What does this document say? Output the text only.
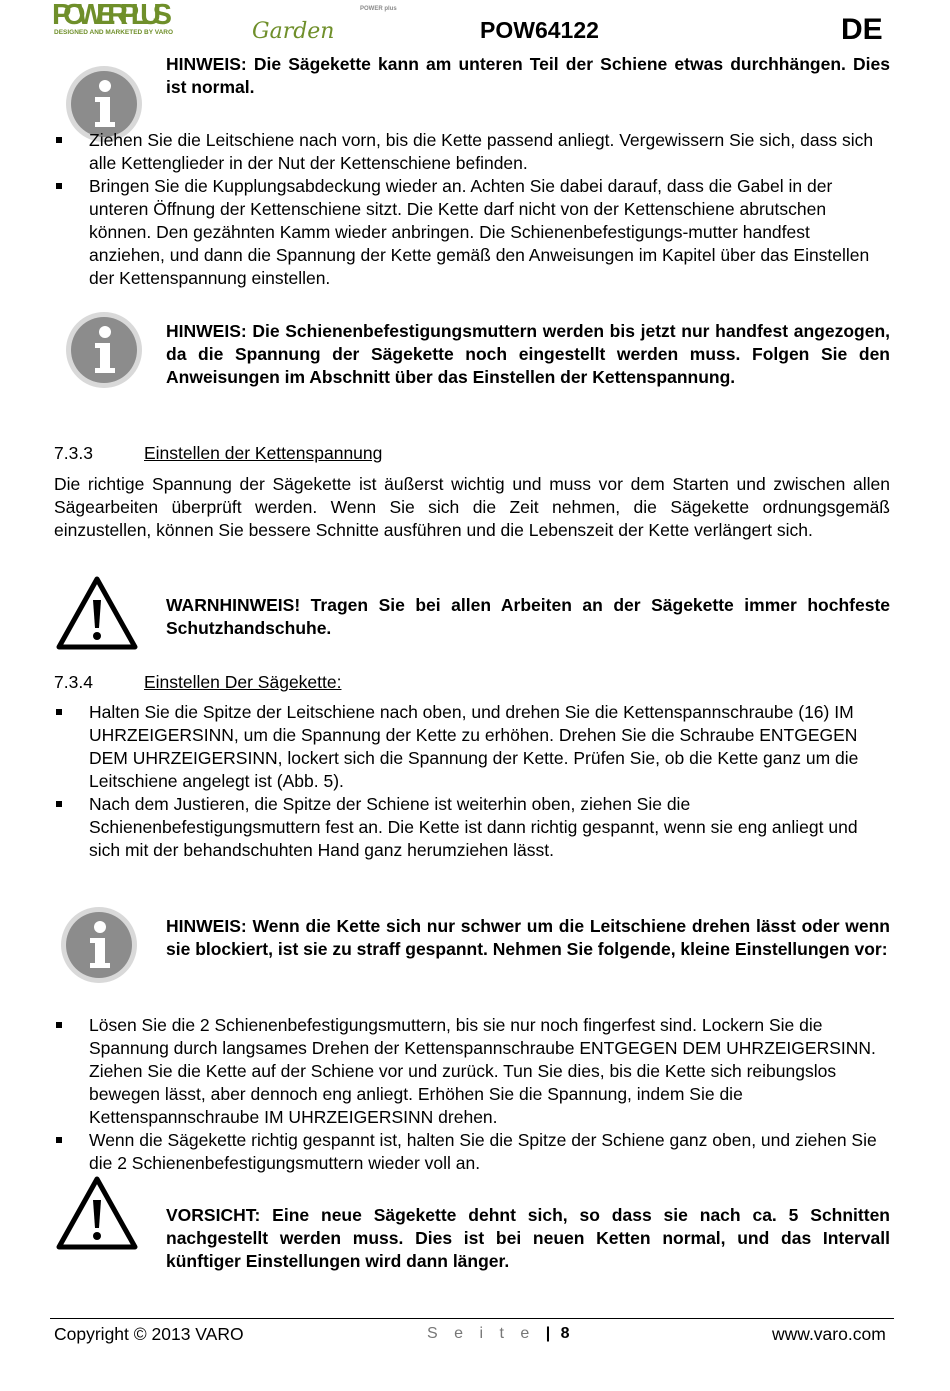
POWERPLUS
Garden
POWER plus
DESIGNED AND MARKETED BY VARO	POW64122	DE
HINWEIS: Die Sägekette kann am unteren Teil der Schiene etwas durchhängen. Dies ist normal.
Ziehen Sie die Leitschiene nach vorn, bis die Kette passend anliegt. Vergewissern Sie sich, dass sich alle Kettenglieder in der Nut der Kettenschiene befinden.
Bringen Sie die Kupplungsabdeckung wieder an. Achten Sie dabei darauf, dass die Gabel in der unteren Öffnung der Kettenschiene sitzt. Die Kette darf nicht von der Kettenschiene abrutschen können. Den gezähnten Kamm wieder anbringen. Die Schienenbefestigungs-mutter handfest anziehen, und dann die Spannung der Kette gemäß den Anweisungen im Kapitel über das Einstellen der Kettenspannung einstellen.
HINWEIS: Die Schienenbefestigungsmuttern werden bis jetzt nur handfest angezogen, da die Spannung der Sägekette noch eingestellt werden muss. Folgen Sie den Anweisungen im Abschnitt über das Einstellen der Kettenspannung.
7.3.3	Einstellen der Kettenspannung
Die richtige Spannung der Sägekette ist äußerst wichtig und muss vor dem Starten und zwischen allen Sägearbeiten überprüft werden. Wenn Sie sich die Zeit nehmen, die Sägekette ordnungsgemäß einzustellen, können Sie bessere Schnitte ausführen und die Lebenszeit der Kette verlängert sich.
WARNHINWEIS! Tragen Sie bei allen Arbeiten an der Sägekette immer hochfeste Schutzhandschuhe.
7.3.4	Einstellen Der Sägekette:
Halten Sie die Spitze der Leitschiene nach oben, und drehen Sie die Kettenspannschraube (16) IM UHRZEIGERSINN, um die Spannung der Kette zu erhöhen. Drehen Sie die Schraube ENTGEGEN DEM UHRZEIGERSINN, lockert sich die Spannung der Kette. Prüfen Sie, ob die Kette ganz um die Leitschiene angelegt ist (Abb. 5).
Nach dem Justieren, die Spitze der Schiene ist weiterhin oben, ziehen Sie die Schienenbefestigungsmuttern fest an. Die Kette ist dann richtig gespannt, wenn sie eng anliegt und sich mit der behandschuhten Hand ganz herumziehen lässt.
HINWEIS: Wenn die Kette sich nur schwer um die Leitschiene drehen lässt oder wenn sie blockiert, ist sie zu straff gespannt. Nehmen Sie folgende, kleine Einstellungen vor:
Lösen Sie die 2 Schienenbefestigungsmuttern, bis sie nur noch fingerfest sind. Lockern Sie die Spannung durch langsames Drehen der Kettenspannschraube ENTGEGEN DEM UHRZEIGERSINN. Ziehen Sie die Kette auf der Schiene vor und zurück. Tun Sie dies, bis die Kette sich reibungslos bewegen lässt, aber dennoch eng anliegt. Erhöhen Sie die Spannung, indem Sie die Kettenspannschraube IM UHRZEIGERSINN drehen.
Wenn die Sägekette richtig gespannt ist, halten Sie die Spitze der Schiene ganz oben, und ziehen Sie die 2 Schienenbefestigungsmuttern wieder voll an.
VORSICHT: Eine neue Sägekette dehnt sich, so dass sie nach ca. 5 Schnitten nachgestellt werden muss. Dies ist bei neuen Ketten normal, und das Intervall künftiger Einstellungen wird dann länger.
Copyright © 2013 VARO	S e i t e | 8	www.varo.com
